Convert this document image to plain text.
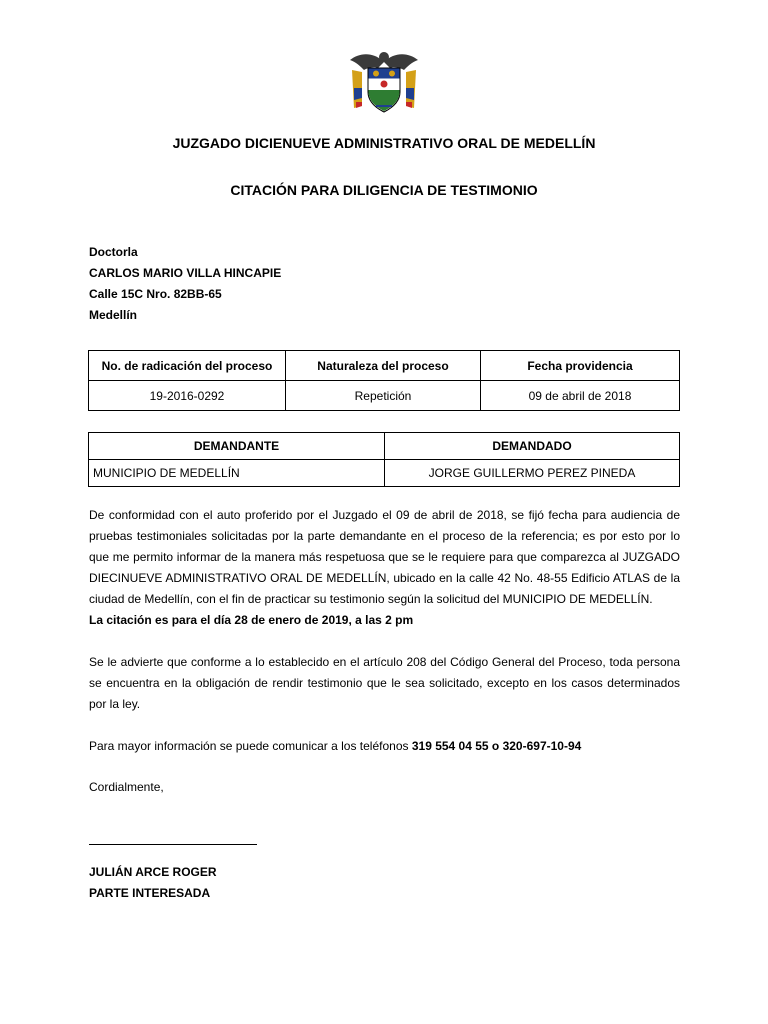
JUZGADO DICIENUEVE ADMINISTRATIVO ORAL DE MEDELLÍN
CITACIÓN PARA DILIGENCIA DE TESTIMONIO
Doctorla
CARLOS MARIO VILLA HINCAPIE
Calle 15C Nro. 82BB-65
Medellín
No. de radicación del proceso	Naturaleza del proceso	Fecha providencia
19-2016-0292	Repetición	09 de abril de 2018
DEMANDANTE	DEMANDADO
MUNICIPIO DE MEDELLÍN	JORGE GUILLERMO PEREZ PINEDA
De conformidad con el auto proferido por el Juzgado el 09 de abril de 2018, se fijó fecha para audiencia de pruebas testimoniales solicitadas por la parte demandante en el proceso de la referencia; es por esto por lo que me permito informar de la manera más respetuosa que se le requiere para que comparezca al JUZGADO DIECINUEVE ADMINISTRATIVO ORAL DE MEDELLÍN, ubicado en la calle 42 No. 48-55 Edificio ATLAS de la ciudad de Medellín, con el fin de practicar su testimonio según la solicitud del MUNICIPIO DE MEDELLÍN.
La citación es para el día 28 de enero de 2019, a las 2 pm
Se le advierte que conforme a lo establecido en el artículo 208 del Código General del Proceso, toda persona se encuentra en la obligación de rendir testimonio que le sea solicitado, excepto en los casos determinados por la ley.
Para mayor información se puede comunicar a los teléfonos 319 554 04 55 o 320-697-10-94
Cordialmente,
JULIÁN ARCE ROGER
PARTE INTERESADA
